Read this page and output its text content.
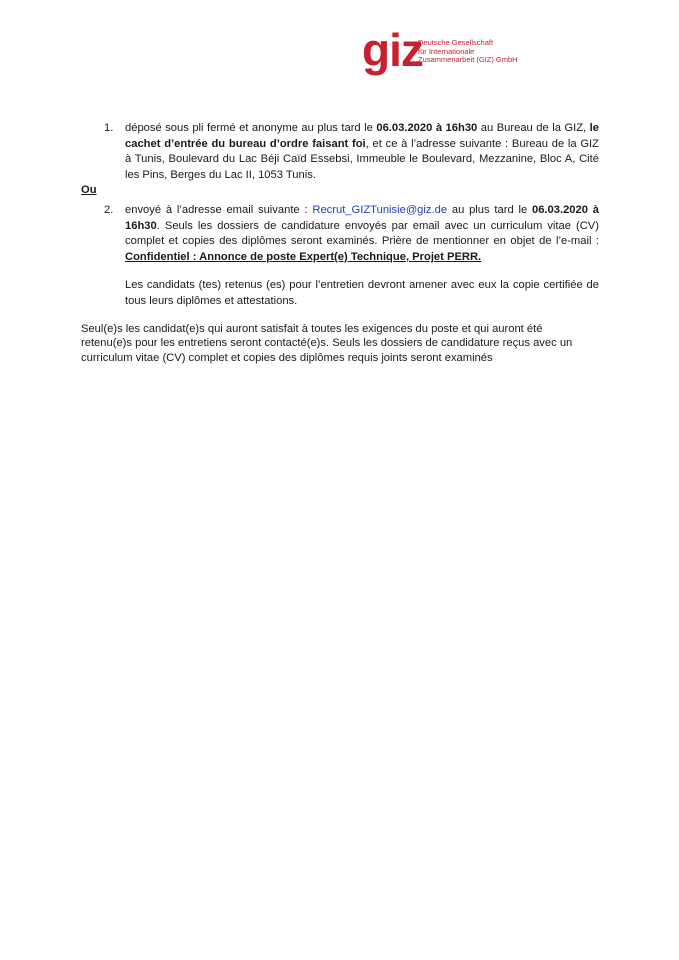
giz
Deutsche Gesellschaft
für Internationale
Zusammenarbeit (GIZ) GmbH
1. déposé sous pli fermé et anonyme au plus tard le 06.03.2020 à 16h30 au Bureau de la GIZ, le
cachet d’entrée du bureau d’ordre faisant foi, et ce à l’adresse suivante : Bureau de la GIZ
à Tunis, Boulevard du Lac Béji Caïd Essebsi, Immeuble le Boulevard, Mezzanine, Bloc A, Cité
les Pins, Berges du Lac II, 1053 Tunis.
Ou
2. envoyé à l’adresse email suivante : Recrut_GIZTunisie@giz.de au plus tard le 06.03.2020 à
16h30. Seuls les dossiers de candidature envoyés par email avec un curriculum vitae (CV)
complet et copies des diplômes seront examinés. Prière de mentionner en objet de l’e-mail :
Confidentiel : Annonce de poste Expert(e) Technique, Projet PERR.
Les candidats (tes) retenus (es) pour l’entretien devront amener avec eux la copie certifiée de
tous leurs diplômes et attestations.
Seul(e)s les candidat(e)s qui auront satisfait à toutes les exigences du poste et qui auront été
retenu(e)s pour les entretiens seront contacté(e)s. Seuls les dossiers de candidature reçus avec un
curriculum vitae (CV) complet et copies des diplômes requis joints seront examinés
